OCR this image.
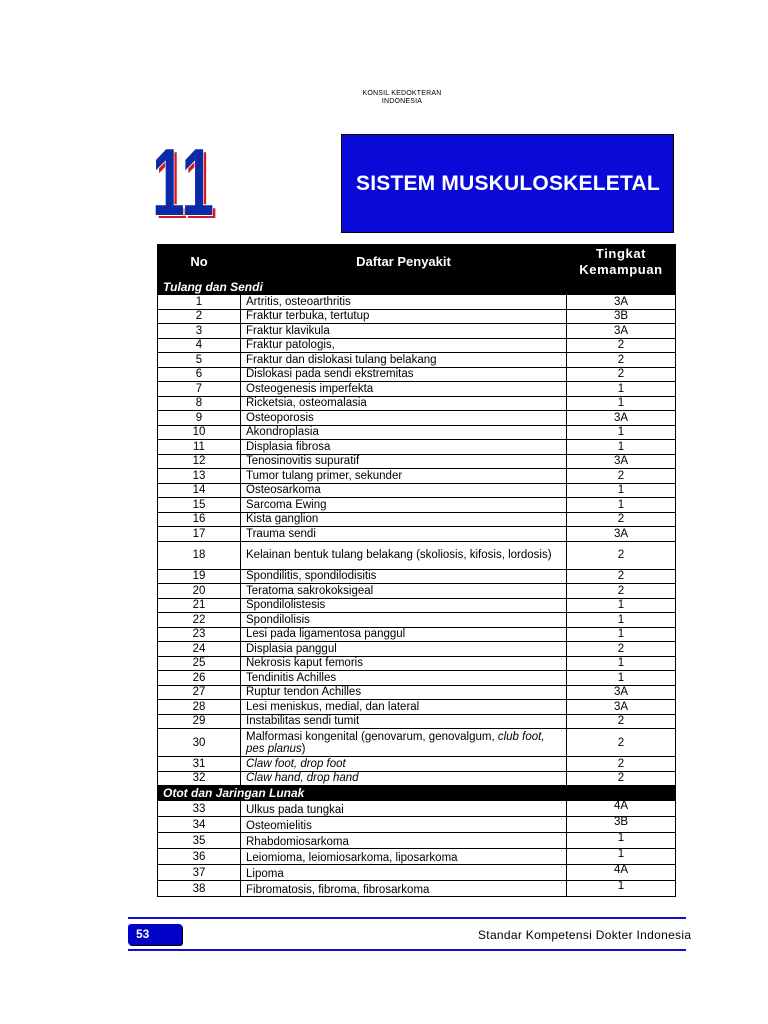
KONSIL KEDOKTERAN
INDONESIA
11
11	SISTEM MUSKULOSKELETAL
No	Daftar Penyakit	Tingkat
Kemampuan

Tulang dan Sendi		
1	Artritis, osteoarthritis	3A
2	Fraktur terbuka, tertutup	3B
3	Fraktur klavikula	3A
4	Fraktur patologis,	2
5	Fraktur dan dislokasi tulang belakang	2
6	Dislokasi pada sendi ekstremitas	2
7	Osteogenesis imperfekta	1
8	Ricketsia, osteomalasia	1
9	Osteoporosis	3A
10	Akondroplasia	1
11	Displasia fibrosa	1
12	Tenosinovitis supuratif	3A
13	Tumor tulang primer, sekunder	2
14	Osteosarkoma	1
15	Sarcoma Ewing	1
16	Kista ganglion	2
17	Trauma sendi	3A
18	Kelainan bentuk tulang belakang (skoliosis, kifosis, lordosis)	2
19	Spondilitis, spondilodisitis	2
20	Teratoma sakrokoksigeal	2
21	Spondilolistesis	1
22	Spondilolisis	1
23	Lesi pada ligamentosa panggul	1
24	Displasia panggul	2
25	Nekrosis kaput femoris	1
26	Tendinitis Achilles	1
27	Ruptur tendon Achilles	3A
28	Lesi meniskus, medial, dan lateral	3A
29	Instabilitas sendi tumit	2
30	Malformasi kongenital (genovarum, genovalgum, club foot, pes planus)	2
31	Claw foot, drop foot	2
32	Claw hand, drop hand	2
Otot dan Jaringan Lunak		
33	Ulkus pada tungkai	4A
34	Osteomielitis	3B
35	Rhabdomiosarkoma	1
36	Leiomioma, leiomiosarkoma, liposarkoma	1
37	Lipoma	4A
38	Fibromatosis, fibroma, fibrosarkoma	1
53	Standar Kompetensi Dokter Indonesia
